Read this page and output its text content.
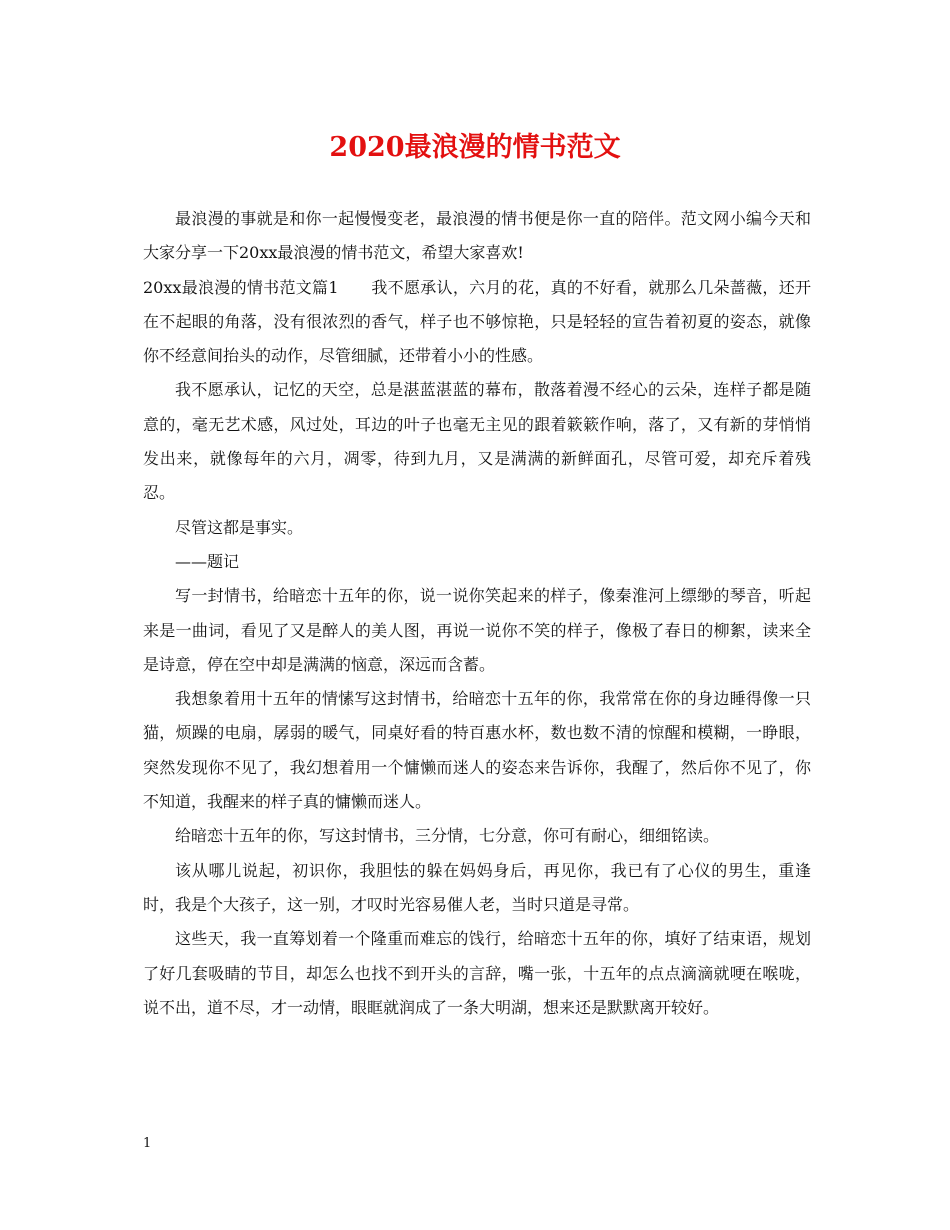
2020最浪漫的情书范文

最浪漫的事就是和你一起慢慢变老，最浪漫的情书便是你一直的陪伴。范文网小编今天和大家分享一下20xx最浪漫的情书范文，希望大家喜欢!

20xx最浪漫的情书范文篇1　　我不愿承认，六月的花，真的不好看，就那么几朵蔷薇，还开在不起眼的角落，没有很浓烈的香气，样子也不够惊艳，只是轻轻的宣告着初夏的姿态，就像你不经意间抬头的动作，尽管细腻，还带着小小的性感。

我不愿承认，记忆的天空，总是湛蓝湛蓝的幕布，散落着漫不经心的云朵，连样子都是随意的，毫无艺术感，风过处，耳边的叶子也毫无主见的跟着簌簌作响，落了，又有新的芽悄悄发出来，就像每年的六月，凋零，待到九月，又是满满的新鲜面孔，尽管可爱，却充斥着残忍。

尽管这都是事实。

——题记

写一封情书，给暗恋十五年的你，说一说你笑起来的样子，像秦淮河上缥缈的琴音，听起来是一曲词，看见了又是醉人的美人图，再说一说你不笑的样子，像极了春日的柳絮，读来全是诗意，停在空中却是满满的恼意，深远而含蓄。

我想象着用十五年的情愫写这封情书，给暗恋十五年的你，我常常在你的身边睡得像一只猫，烦躁的电扇，孱弱的暖气，同桌好看的特百惠水杯，数也数不清的惊醒和模糊，一睁眼，突然发现你不见了，我幻想着用一个慵懒而迷人的姿态来告诉你，我醒了，然后你不见了，你不知道，我醒来的样子真的慵懒而迷人。

给暗恋十五年的你，写这封情书，三分情，七分意，你可有耐心，细细铭读。

该从哪儿说起，初识你，我胆怯的躲在妈妈身后，再见你，我已有了心仪的男生，重逢时，我是个大孩子，这一别，才叹时光容易催人老，当时只道是寻常。

这些天，我一直筹划着一个隆重而难忘的饯行，给暗恋十五年的你，填好了结束语，规划了好几套吸睛的节目，却怎么也找不到开头的言辞，嘴一张，十五年的点点滴滴就哽在喉咙，说不出，道不尽，才一动情，眼眶就润成了一条大明湖，想来还是默默离开较好。

1
